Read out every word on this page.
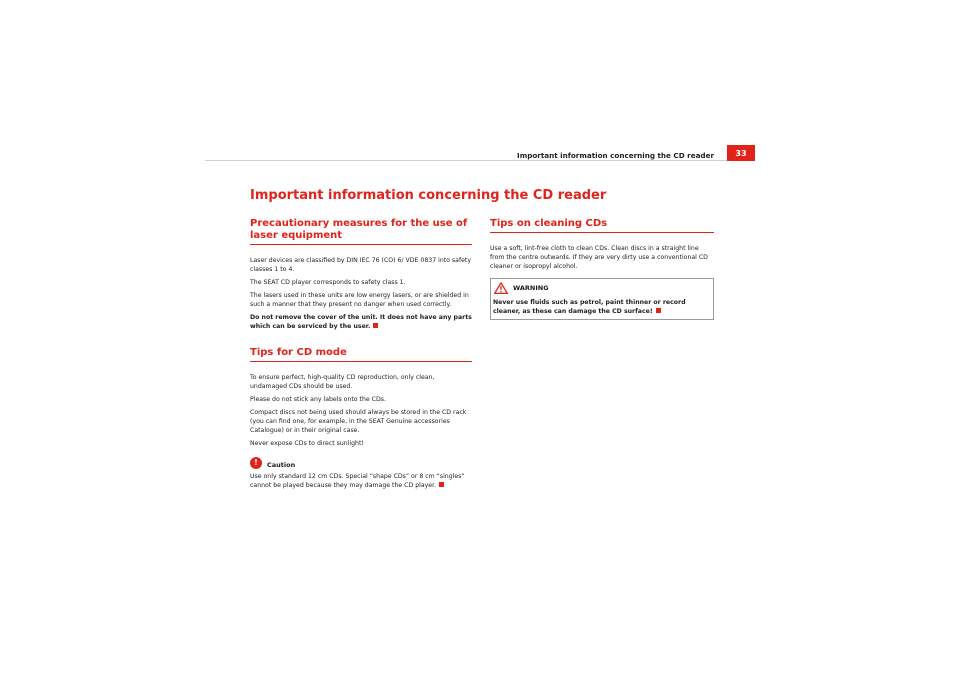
Important information concerning the CD reader	33
Important information concerning the CD reader
Precautionary measures for the use of laser equipment

Laser devices are classified by DIN IEC 76 (CO) 6/ VDE 0837 into safety classes 1 to 4.

The SEAT CD player corresponds to safety class 1.

The lasers used in these units are low energy lasers, or are shielded in such a manner that they present no danger when used correctly.

Do not remove the cover of the unit. It does not have any parts which can be serviced by the user.

Tips for CD mode

To ensure perfect, high-quality CD reproduction, only clean, undamaged CDs should be used.

Please do not stick any labels onto the CDs.

Compact discs not being used should always be stored in the CD rack (you can find one, for example, in the SEAT Genuine accessories Catalogue) or in their original case.

Never expose CDs to direct sunlight!

!	Caution

Use only standard 12 cm CDs. Special “shape CDs” or 8 cm “singles” cannot be played because they may damage the CD player.

Tips on cleaning CDs

Use a soft, lint-free cloth to clean CDs. Clean discs in a straight line from the centre outwards. If they are very dirty use a conventional CD cleaner or isopropyl alcohol.

WARNING

Never use fluids such as petrol, paint thinner or record cleaner, as these can damage the CD surface!
